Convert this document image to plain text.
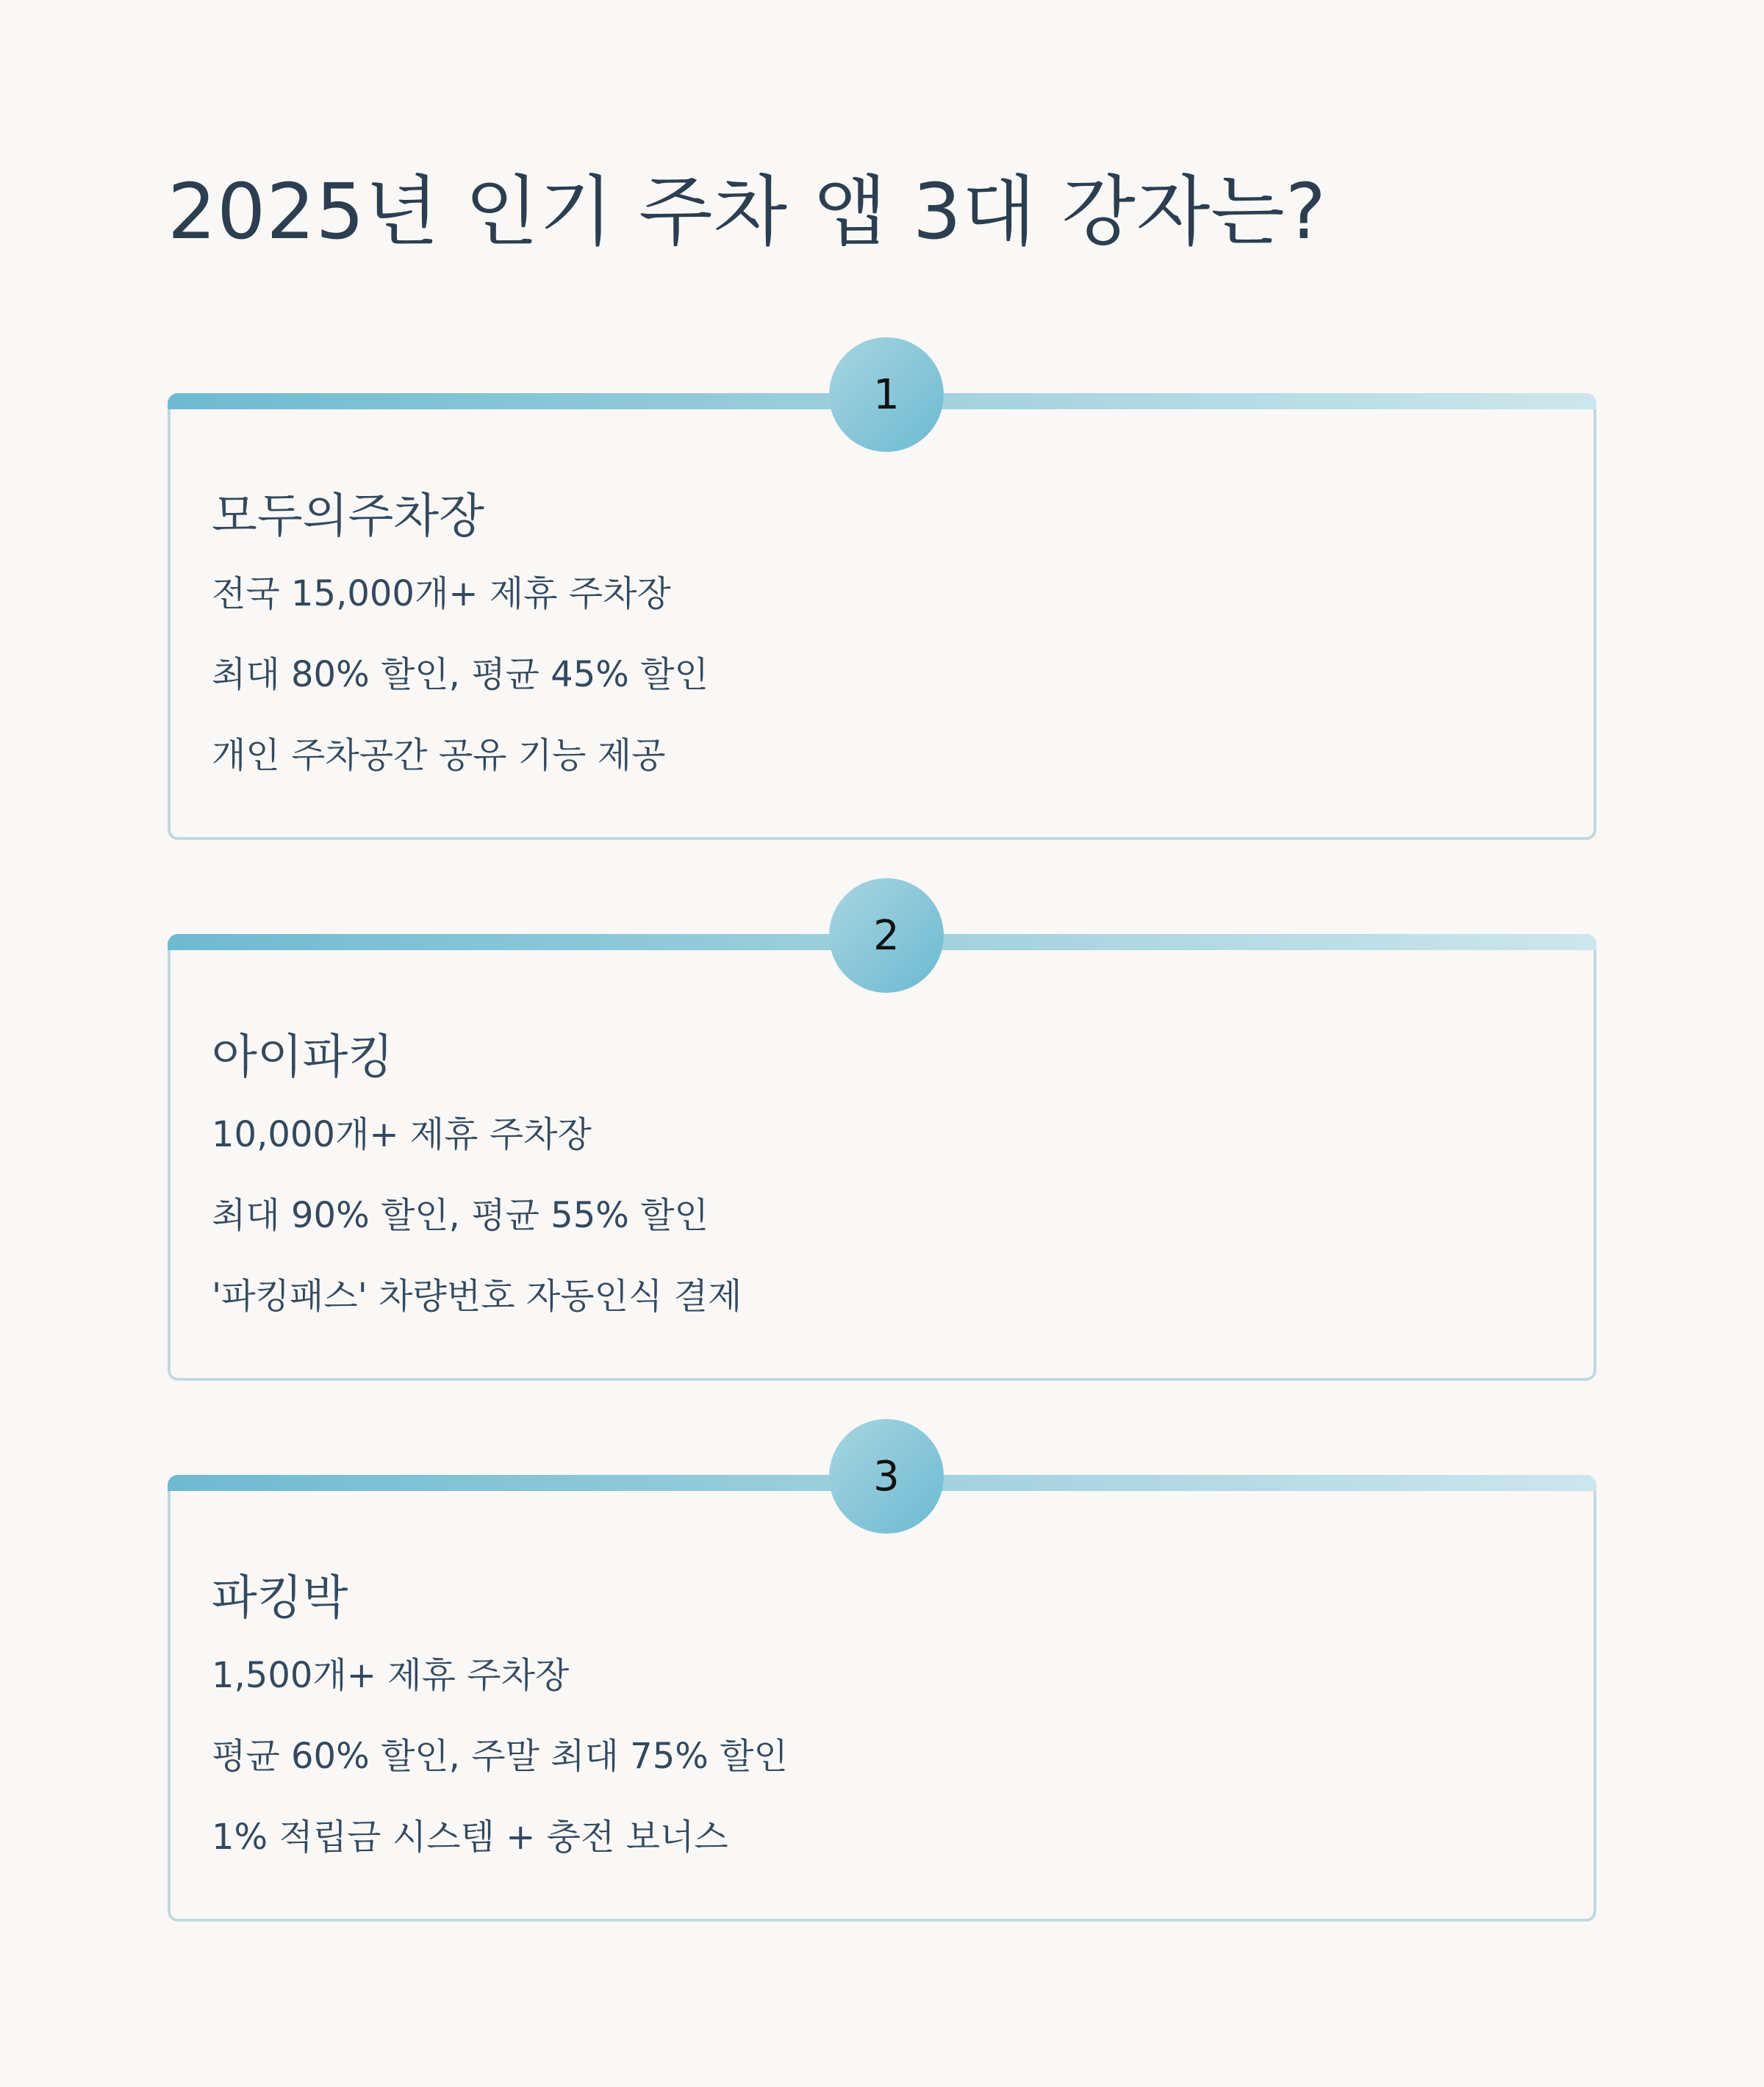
2025년 인기 주차 앱 3대 강자는?
1
모두의주차장
전국 15,000개+ 제휴 주차장
최대 80% 할인, 평균 45% 할인
개인 주차공간 공유 기능 제공
2
아이파킹
10,000개+ 제휴 주차장
최대 90% 할인, 평균 55% 할인
'파킹패스' 차량번호 자동인식 결제
3
파킹박
1,500개+ 제휴 주차장
평균 60% 할인, 주말 최대 75% 할인
1% 적립금 시스템 + 충전 보너스
